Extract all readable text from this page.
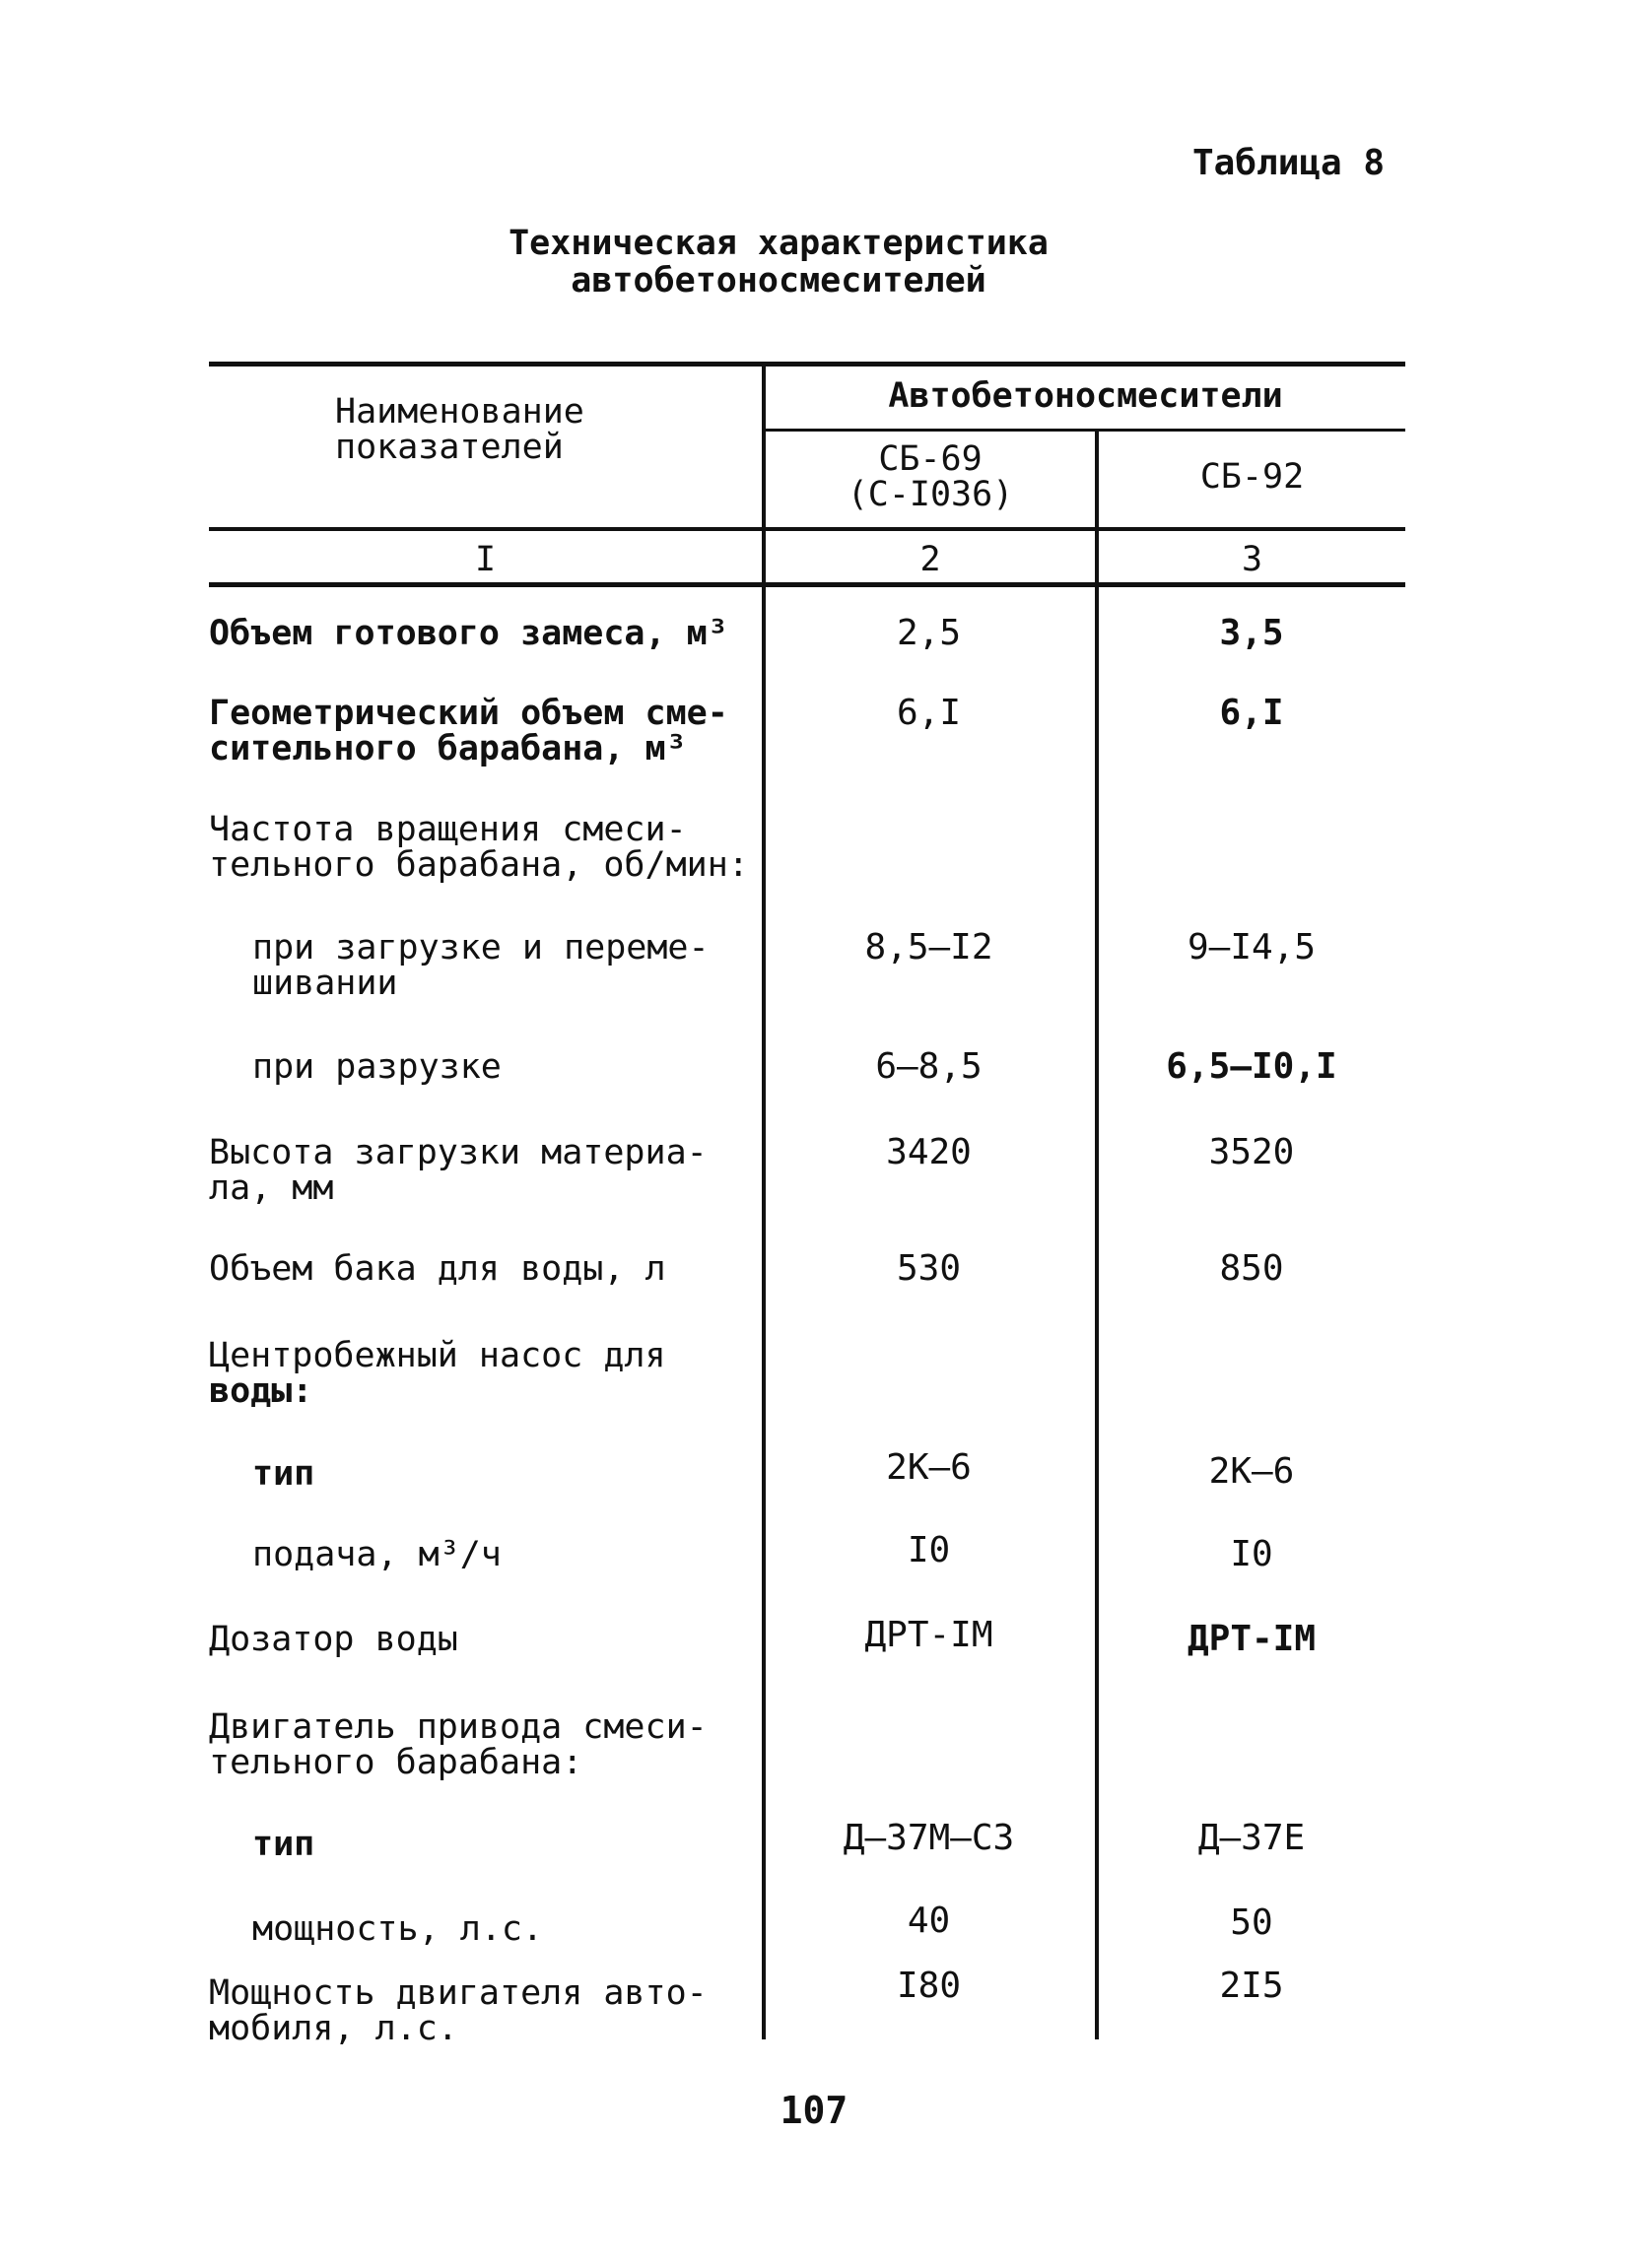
Таблица 8
Техническая характеристика
автобетоносмесителей
Наименование
показателей
Автобетоносмесители
СБ-69
(С-I036)	СБ-92
I	2	3
Объем готового замеса, м³	2,5	3,5
Геометрический объем сме-
сительного барабана, м³
6,I	6,I
Частота вращения смеси-
тельного барабана, об/мин:
при загрузке и переме-
шивании
8,5–I2	9–I4,5
при разрузке	6–8,5	6,5–I0,I
Высота загрузки материа-
ла, мм
3420	3520
Объем бака для воды, л	530	850
Центробежный насос для
воды:
тип	2К–6	2К–6
подача, м³/ч	I0	I0
Дозатор воды	ДРТ-IМ	ДРТ-IМ
Двигатель привода смеси-
тельного барабана:
тип	Д–37М–С3	Д–37Е
мощность, л.с.	40	50
Мощность двигателя авто-
мобиля, л.с.
I80	2I5
107
